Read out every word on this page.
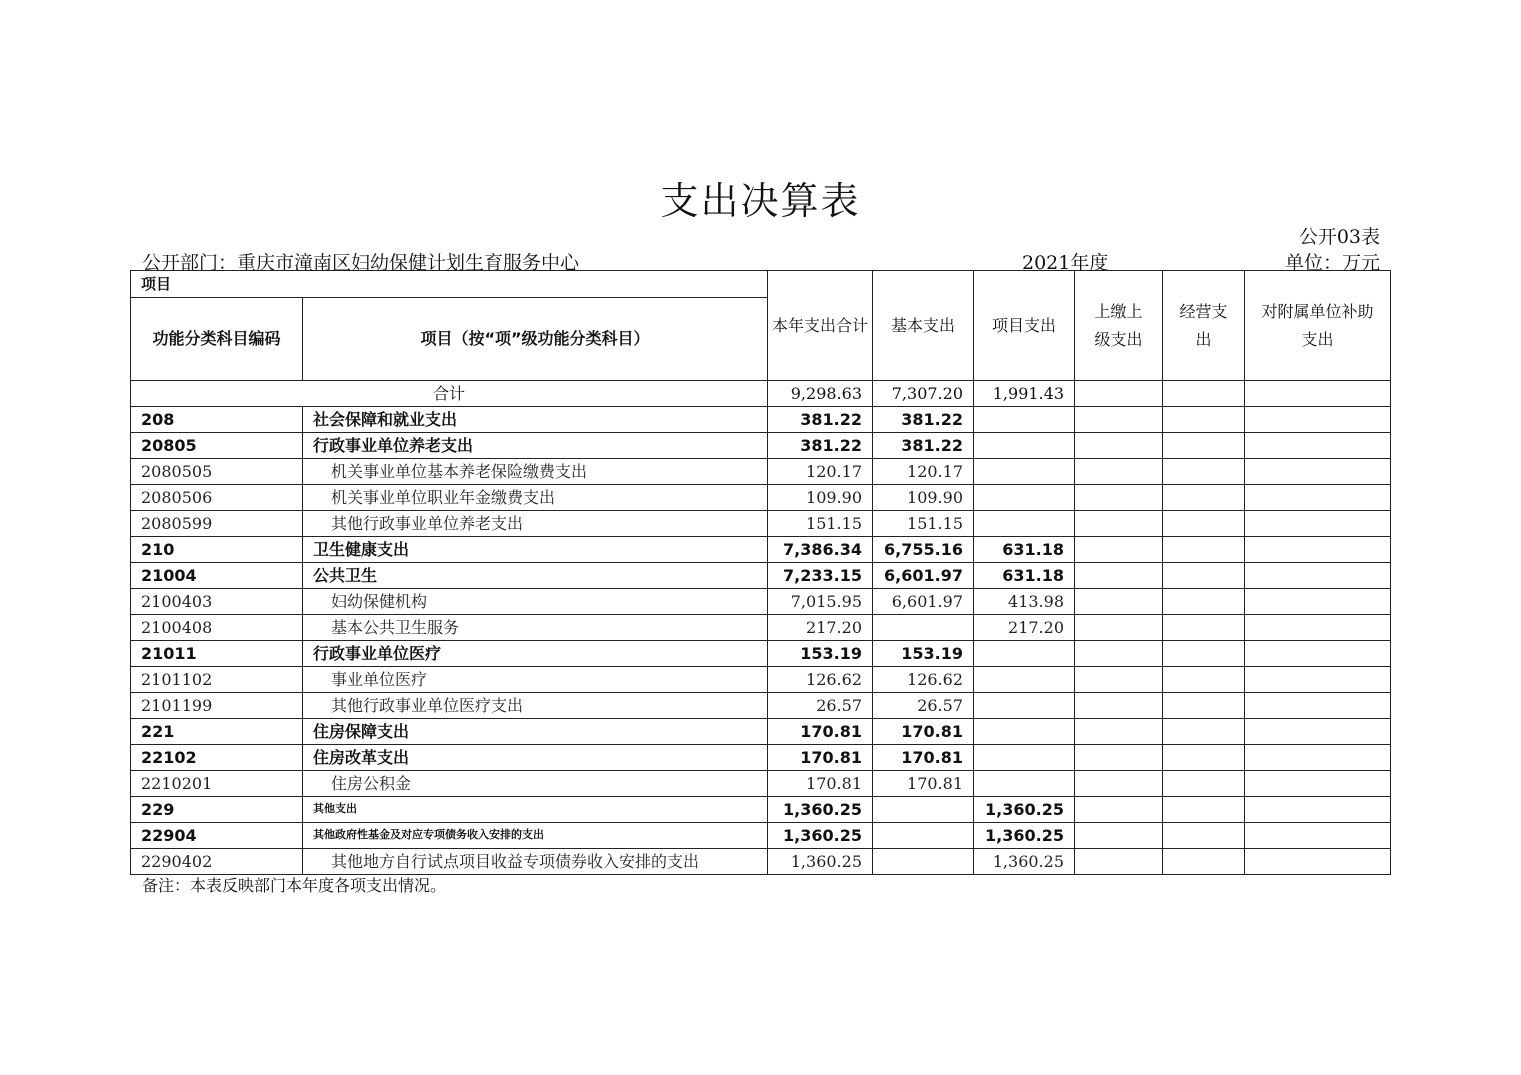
支出决算表
公开03表
公开部门：重庆市潼南区妇幼保健计划生育服务中心	2021年度	单位：万元
项目		本年支出合计	基本支出	项目支出	上缴上级支出	经营支出	对附属单位补助支出
功能分类科目编码	项目（按“项”级功能分类科目）						
合计		9,298.63	7,307.20	1,991.43			
208	社会保障和就业支出	381.22	381.22				
20805	行政事业单位养老支出	381.22	381.22				
2080505	机关事业单位基本养老保险缴费支出	120.17	120.17				
2080506	机关事业单位职业年金缴费支出	109.90	109.90				
2080599	其他行政事业单位养老支出	151.15	151.15				
210	卫生健康支出	7,386.34	6,755.16	631.18			
21004	公共卫生	7,233.15	6,601.97	631.18			
2100403	妇幼保健机构	7,015.95	6,601.97	413.98			
2100408	基本公共卫生服务	217.20		217.20			
21011	行政事业单位医疗	153.19	153.19				
2101102	事业单位医疗	126.62	126.62				
2101199	其他行政事业单位医疗支出	26.57	26.57				
221	住房保障支出	170.81	170.81				
22102	住房改革支出	170.81	170.81				
2210201	住房公积金	170.81	170.81				
229	其他支出	1,360.25		1,360.25			
22904	其他政府性基金及对应专项债务收入安排的支出	1,360.25		1,360.25			
2290402	其他地方自行试点项目收益专项债券收入安排的支出	1,360.25		1,360.25			
备注：本表反映部门本年度各项支出情况。
